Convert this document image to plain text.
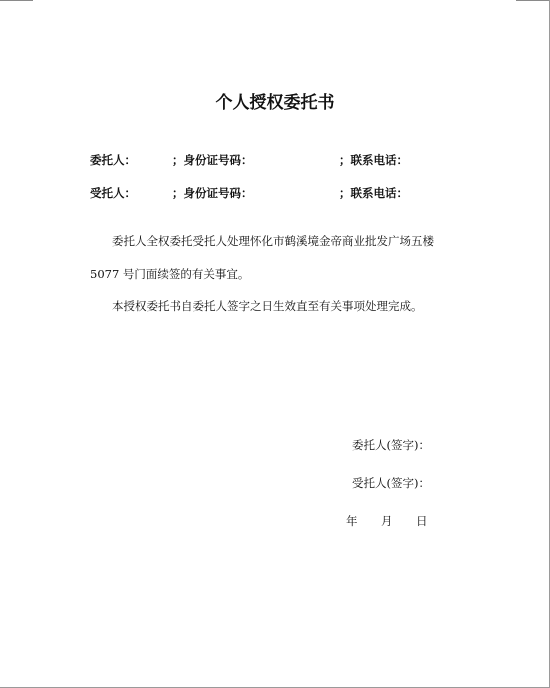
个人授权委托书
委托人：	；身份证号码：	；联系电话：
受托人：	；身份证号码：	；联系电话：
委托人全权委托受托人处理怀化市鹤溪境金帝商业批发广场五楼
5077 号门面续签的有关事宜。
本授权委托书自委托人签字之日生效直至有关事项处理完成。
委托人(签字)：
受托人(签字)：
年 月 日
